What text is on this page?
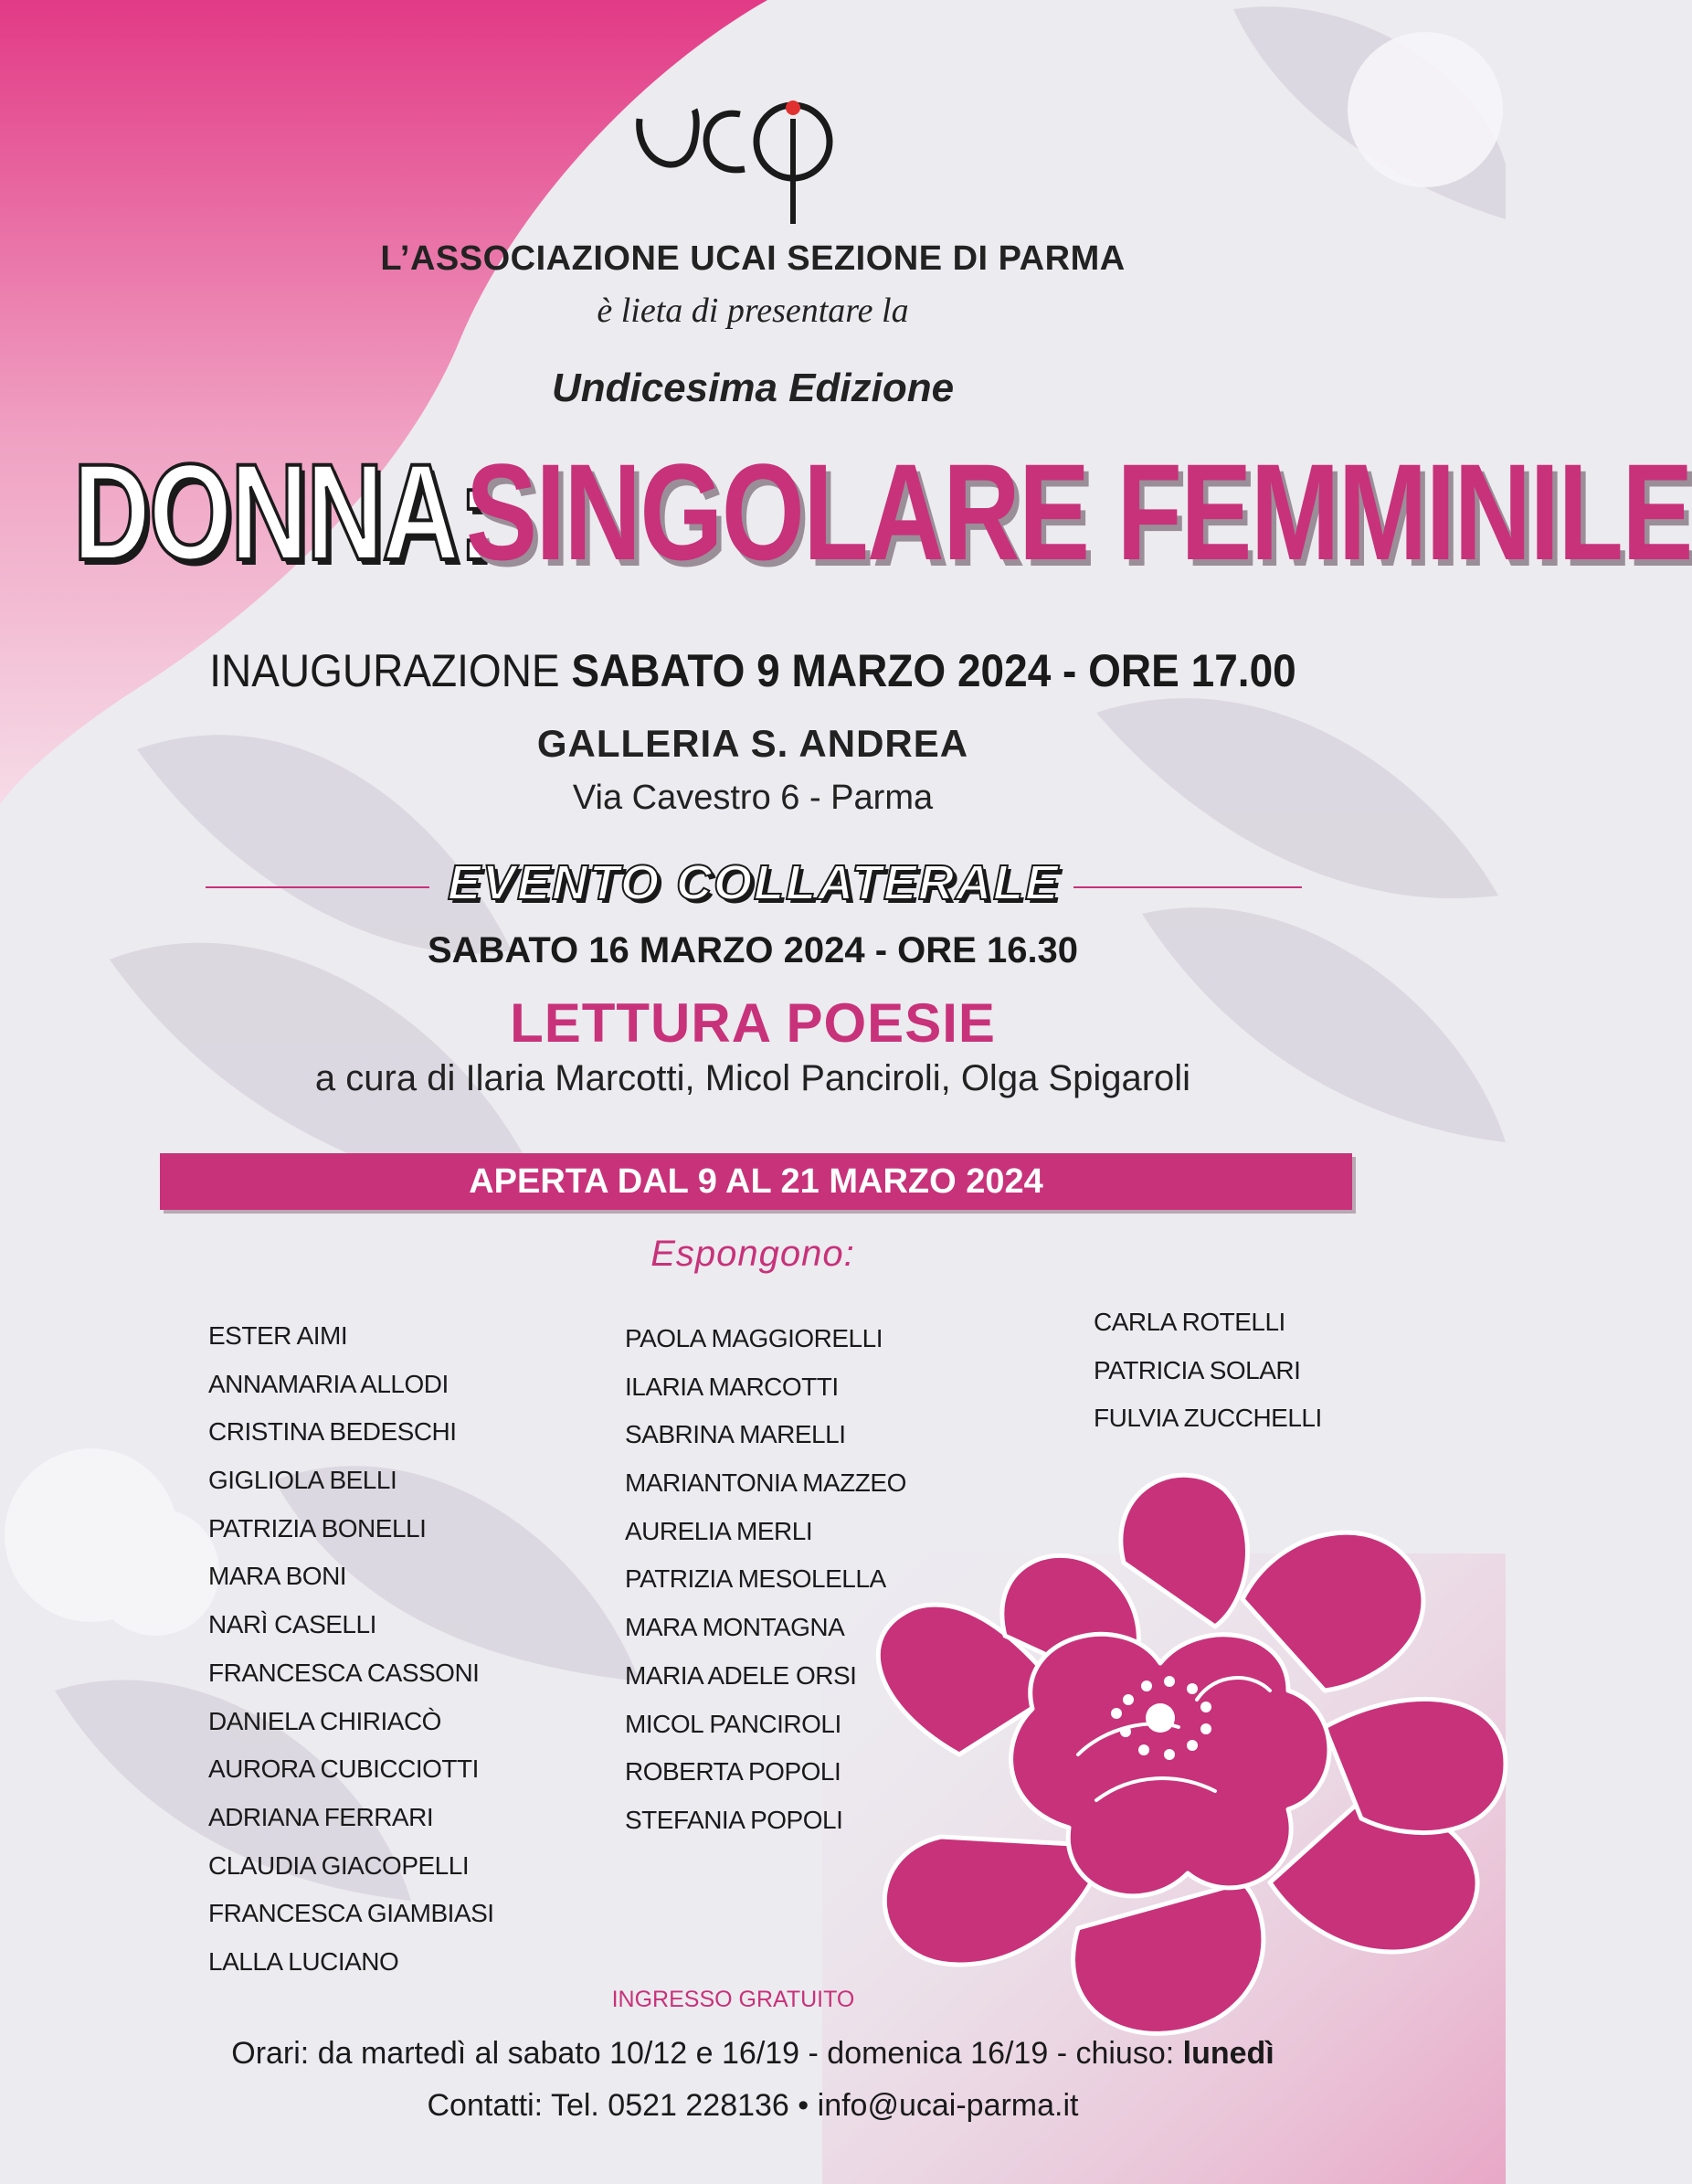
L’ASSOCIAZIONE UCAI SEZIONE DI PARMA
è lieta di presentare la
Undicesima Edizione
DONNA:
SINGOLARE FEMMINILE
INAUGURAZIONE SABATO 9 MARZO 2024 - ORE 17.00
GALLERIA S. ANDREA
Via Cavestro 6 - Parma
EVENTO COLLATERALE
SABATO 16 MARZO 2024 - ORE 16.30
LETTURA POESIE
a cura di Ilaria Marcotti, Micol Panciroli, Olga Spigaroli
APERTA DAL 9 AL 21 MARZO 2024
Espongono:
ESTER AIMI
ANNAMARIA ALLODI
CRISTINA BEDESCHI
GIGLIOLA BELLI
PATRIZIA BONELLI
MARA BONI
NARÌ CASELLI
FRANCESCA CASSONI
DANIELA CHIRIACÒ
AURORA CUBICCIOTTI
ADRIANA FERRARI
CLAUDIA GIACOPELLI
FRANCESCA GIAMBIASI
LALLA LUCIANO
PAOLA MAGGIORELLI
ILARIA MARCOTTI
SABRINA MARELLI
MARIANTONIA MAZZEO
AURELIA MERLI
PATRIZIA MESOLELLA
MARA MONTAGNA
MARIA ADELE ORSI
MICOL PANCIROLI
ROBERTA POPOLI
STEFANIA POPOLI
CARLA ROTELLI
PATRICIA SOLARI
FULVIA ZUCCHELLI
INGRESSO GRATUITO
Orari: da martedì al sabato 10/12 e 16/19 - domenica 16/19 - chiuso: lunedì
Contatti: Tel. 0521 228136 • info@ucai-parma.it
